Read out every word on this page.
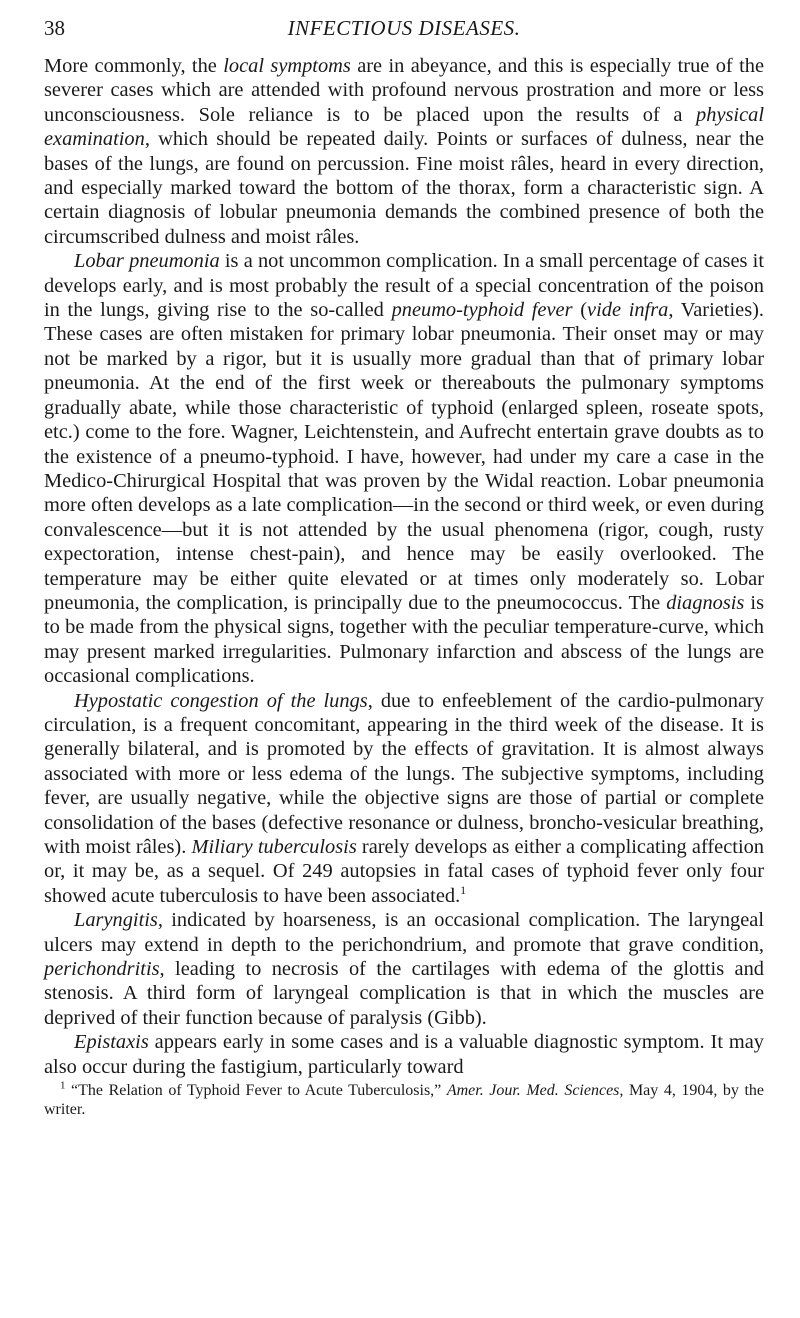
38	INFECTIOUS DISEASES.

More commonly, the local symptoms are in abeyance, and this is especially true of the severer cases which are attended with profound nervous prostration and more or less unconsciousness. Sole reliance is to be placed upon the results of a physical examination, which should be repeated daily. Points or surfaces of dulness, near the bases of the lungs, are found on percussion. Fine moist râles, heard in every direction, and especially marked toward the bottom of the thorax, form a characteristic sign. A certain diagnosis of lobular pneumonia demands the combined presence of both the circumscribed dulness and moist râles.

Lobar pneumonia is a not uncommon complication. In a small percentage of cases it develops early, and is most probably the result of a special concentration of the poison in the lungs, giving rise to the so-called pneumo-typhoid fever (vide infra, Varieties). These cases are often mistaken for primary lobar pneumonia. Their onset may or may not be marked by a rigor, but it is usually more gradual than that of primary lobar pneumonia. At the end of the first week or thereabouts the pulmonary symptoms gradually abate, while those characteristic of typhoid (enlarged spleen, roseate spots, etc.) come to the fore. Wagner, Leichtenstein, and Aufrecht entertain grave doubts as to the existence of a pneumo-typhoid. I have, however, had under my care a case in the Medico-Chirurgical Hospital that was proven by the Widal reaction. Lobar pneumonia more often develops as a late complication—in the second or third week, or even during convalescence—but it is not attended by the usual phenomena (rigor, cough, rusty expectoration, intense chest-pain), and hence may be easily overlooked. The temperature may be either quite elevated or at times only moderately so. Lobar pneumonia, the complication, is principally due to the pneumococcus. The diagnosis is to be made from the physical signs, together with the peculiar temperature-curve, which may present marked irregularities. Pulmonary infarction and abscess of the lungs are occasional complications.

Hypostatic congestion of the lungs, due to enfeeblement of the cardio-pulmonary circulation, is a frequent concomitant, appearing in the third week of the disease. It is generally bilateral, and is promoted by the effects of gravitation. It is almost always associated with more or less edema of the lungs. The subjective symptoms, including fever, are usually negative, while the objective signs are those of partial or complete consolidation of the bases (defective resonance or dulness, broncho-vesicular breathing, with moist râles). Miliary tuberculosis rarely develops as either a complicating affection or, it may be, as a sequel. Of 249 autopsies in fatal cases of typhoid fever only four showed acute tuberculosis to have been associated.$^1$

Laryngitis, indicated by hoarseness, is an occasional complication. The laryngeal ulcers may extend in depth to the perichondrium, and promote that grave condition, perichondritis, leading to necrosis of the cartilages with edema of the glottis and stenosis. A third form of laryngeal complication is that in which the muscles are deprived of their function because of paralysis (Gibb).

Epistaxis appears early in some cases and is a valuable diagnostic symptom. It may also occur during the fastigium, particularly toward

$^1$ “The Relation of Typhoid Fever to Acute Tuberculosis,” Amer. Jour. Med. Sciences, May 4, 1904, by the writer.
